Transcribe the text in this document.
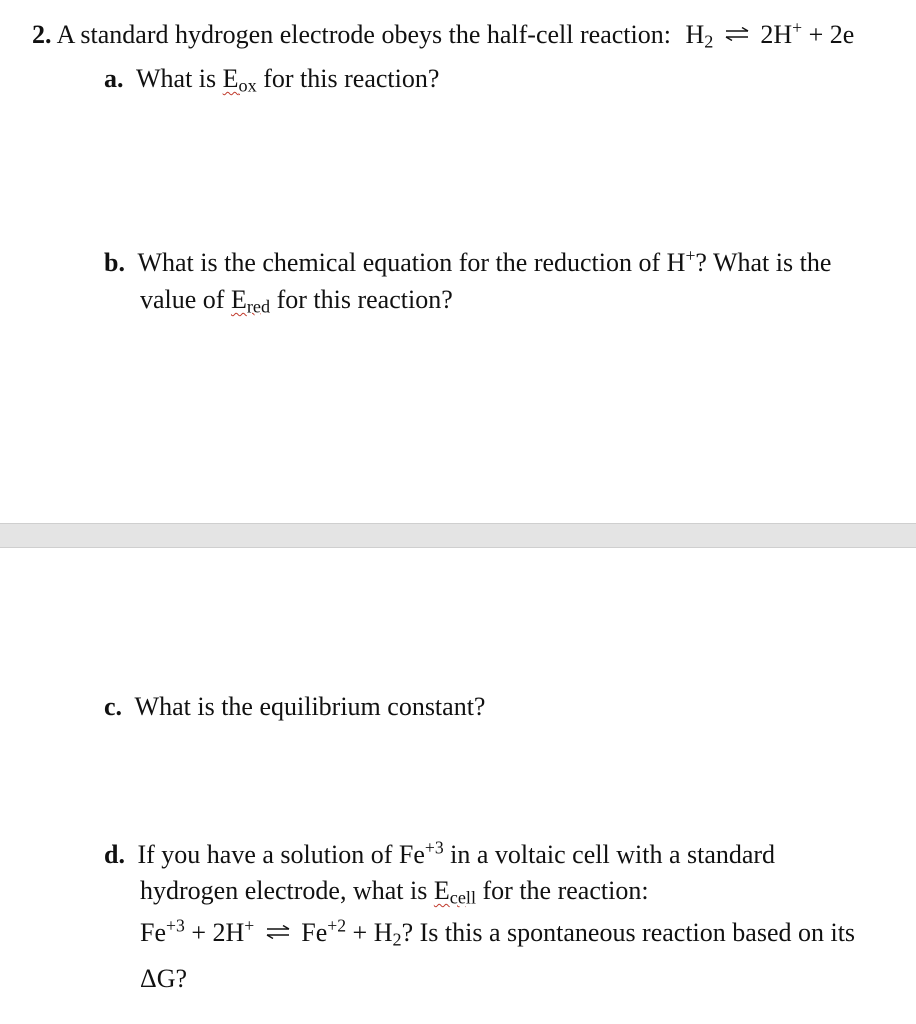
2. A standard hydrogen electrode obeys the half-cell reaction: $H_2$ ⇌ 2H+ + 2e
a. What is $E_{ox}$ for this reaction?
b. What is the chemical equation for the reduction of H+? What is the
value of $E_{red}$ for this reaction?
c. What is the equilibrium constant?
d. If you have a solution of $Fe^{+3}$ in a voltaic cell with a standard
hydrogen electrode, what is $E_{cell}$ for the reaction:
$Fe^{+3} + 2H^+$ ⇌ $Fe^{+2} + H_2$? Is this a spontaneous reaction based on its
ΔG?
